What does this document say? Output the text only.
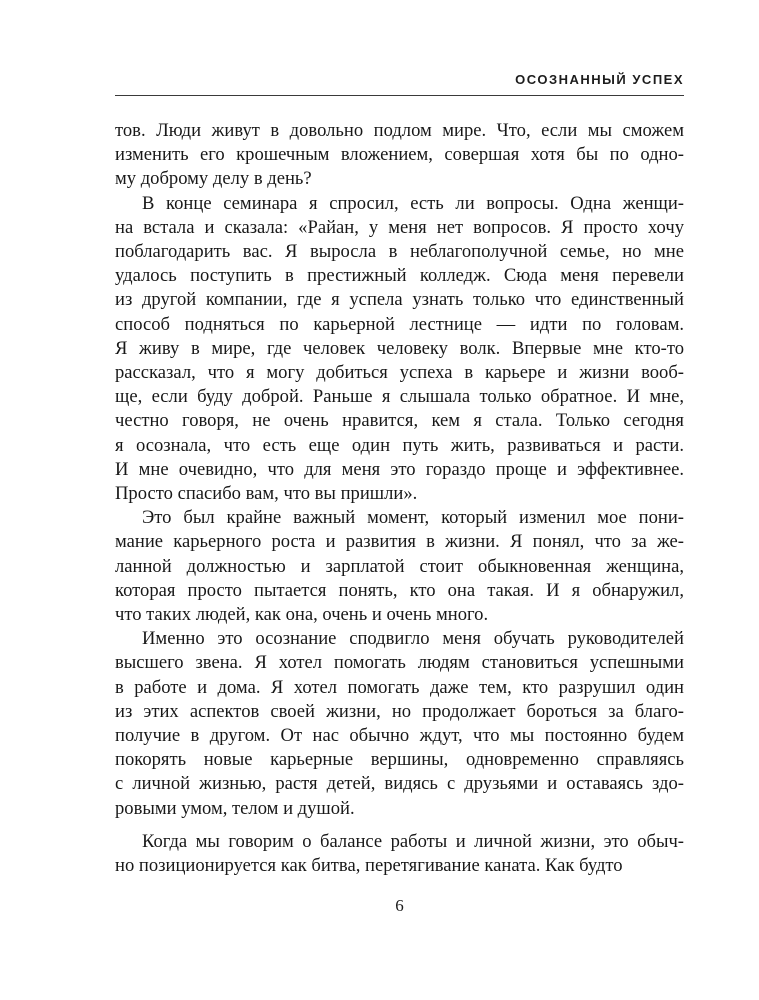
ОСОЗНАННЫЙ УСПЕХ
тов. Люди живут в довольно подлом мире. Что, если мы сможем
изменить его крошечным вложением, совершая хотя бы по одно-
му доброму делу в день?
В конце семинара я спросил, есть ли вопросы. Одна женщи-
на встала и сказала: «Райан, у меня нет вопросов. Я просто хочу
поблагодарить вас. Я выросла в неблагополучной семье, но мне
удалось поступить в престижный колледж. Сюда меня перевели
из другой компании, где я успела узнать только что единственный
способ подняться по карьерной лестнице — идти по головам.
Я живу в мире, где человек человеку волк. Впервые мне кто-то
рассказал, что я могу добиться успеха в карьере и жизни вооб-
ще, если буду доброй. Раньше я слышала только обратное. И мне,
честно говоря, не очень нравится, кем я стала. Только сегодня
я осознала, что есть еще один путь жить, развиваться и расти.
И мне очевидно, что для меня это гораздо проще и эффективнее.
Просто спасибо вам, что вы пришли».
Это был крайне важный момент, который изменил мое пони-
мание карьерного роста и развития в жизни. Я понял, что за же-
ланной должностью и зарплатой стоит обыкновенная женщина,
которая просто пытается понять, кто она такая. И я обнаружил,
что таких людей, как она, очень и очень много.
Именно это осознание сподвигло меня обучать руководителей
высшего звена. Я хотел помогать людям становиться успешными
в работе и дома. Я хотел помогать даже тем, кто разрушил один
из этих аспектов своей жизни, но продолжает бороться за благо-
получие в другом. От нас обычно ждут, что мы постоянно будем
покорять новые карьерные вершины, одновременно справляясь
с личной жизнью, растя детей, видясь с друзьями и оставаясь здо-
ровыми умом, телом и душой.
Когда мы говорим о балансе работы и личной жизни, это обыч-
но позиционируется как битва, перетягивание каната. Как будто
6
